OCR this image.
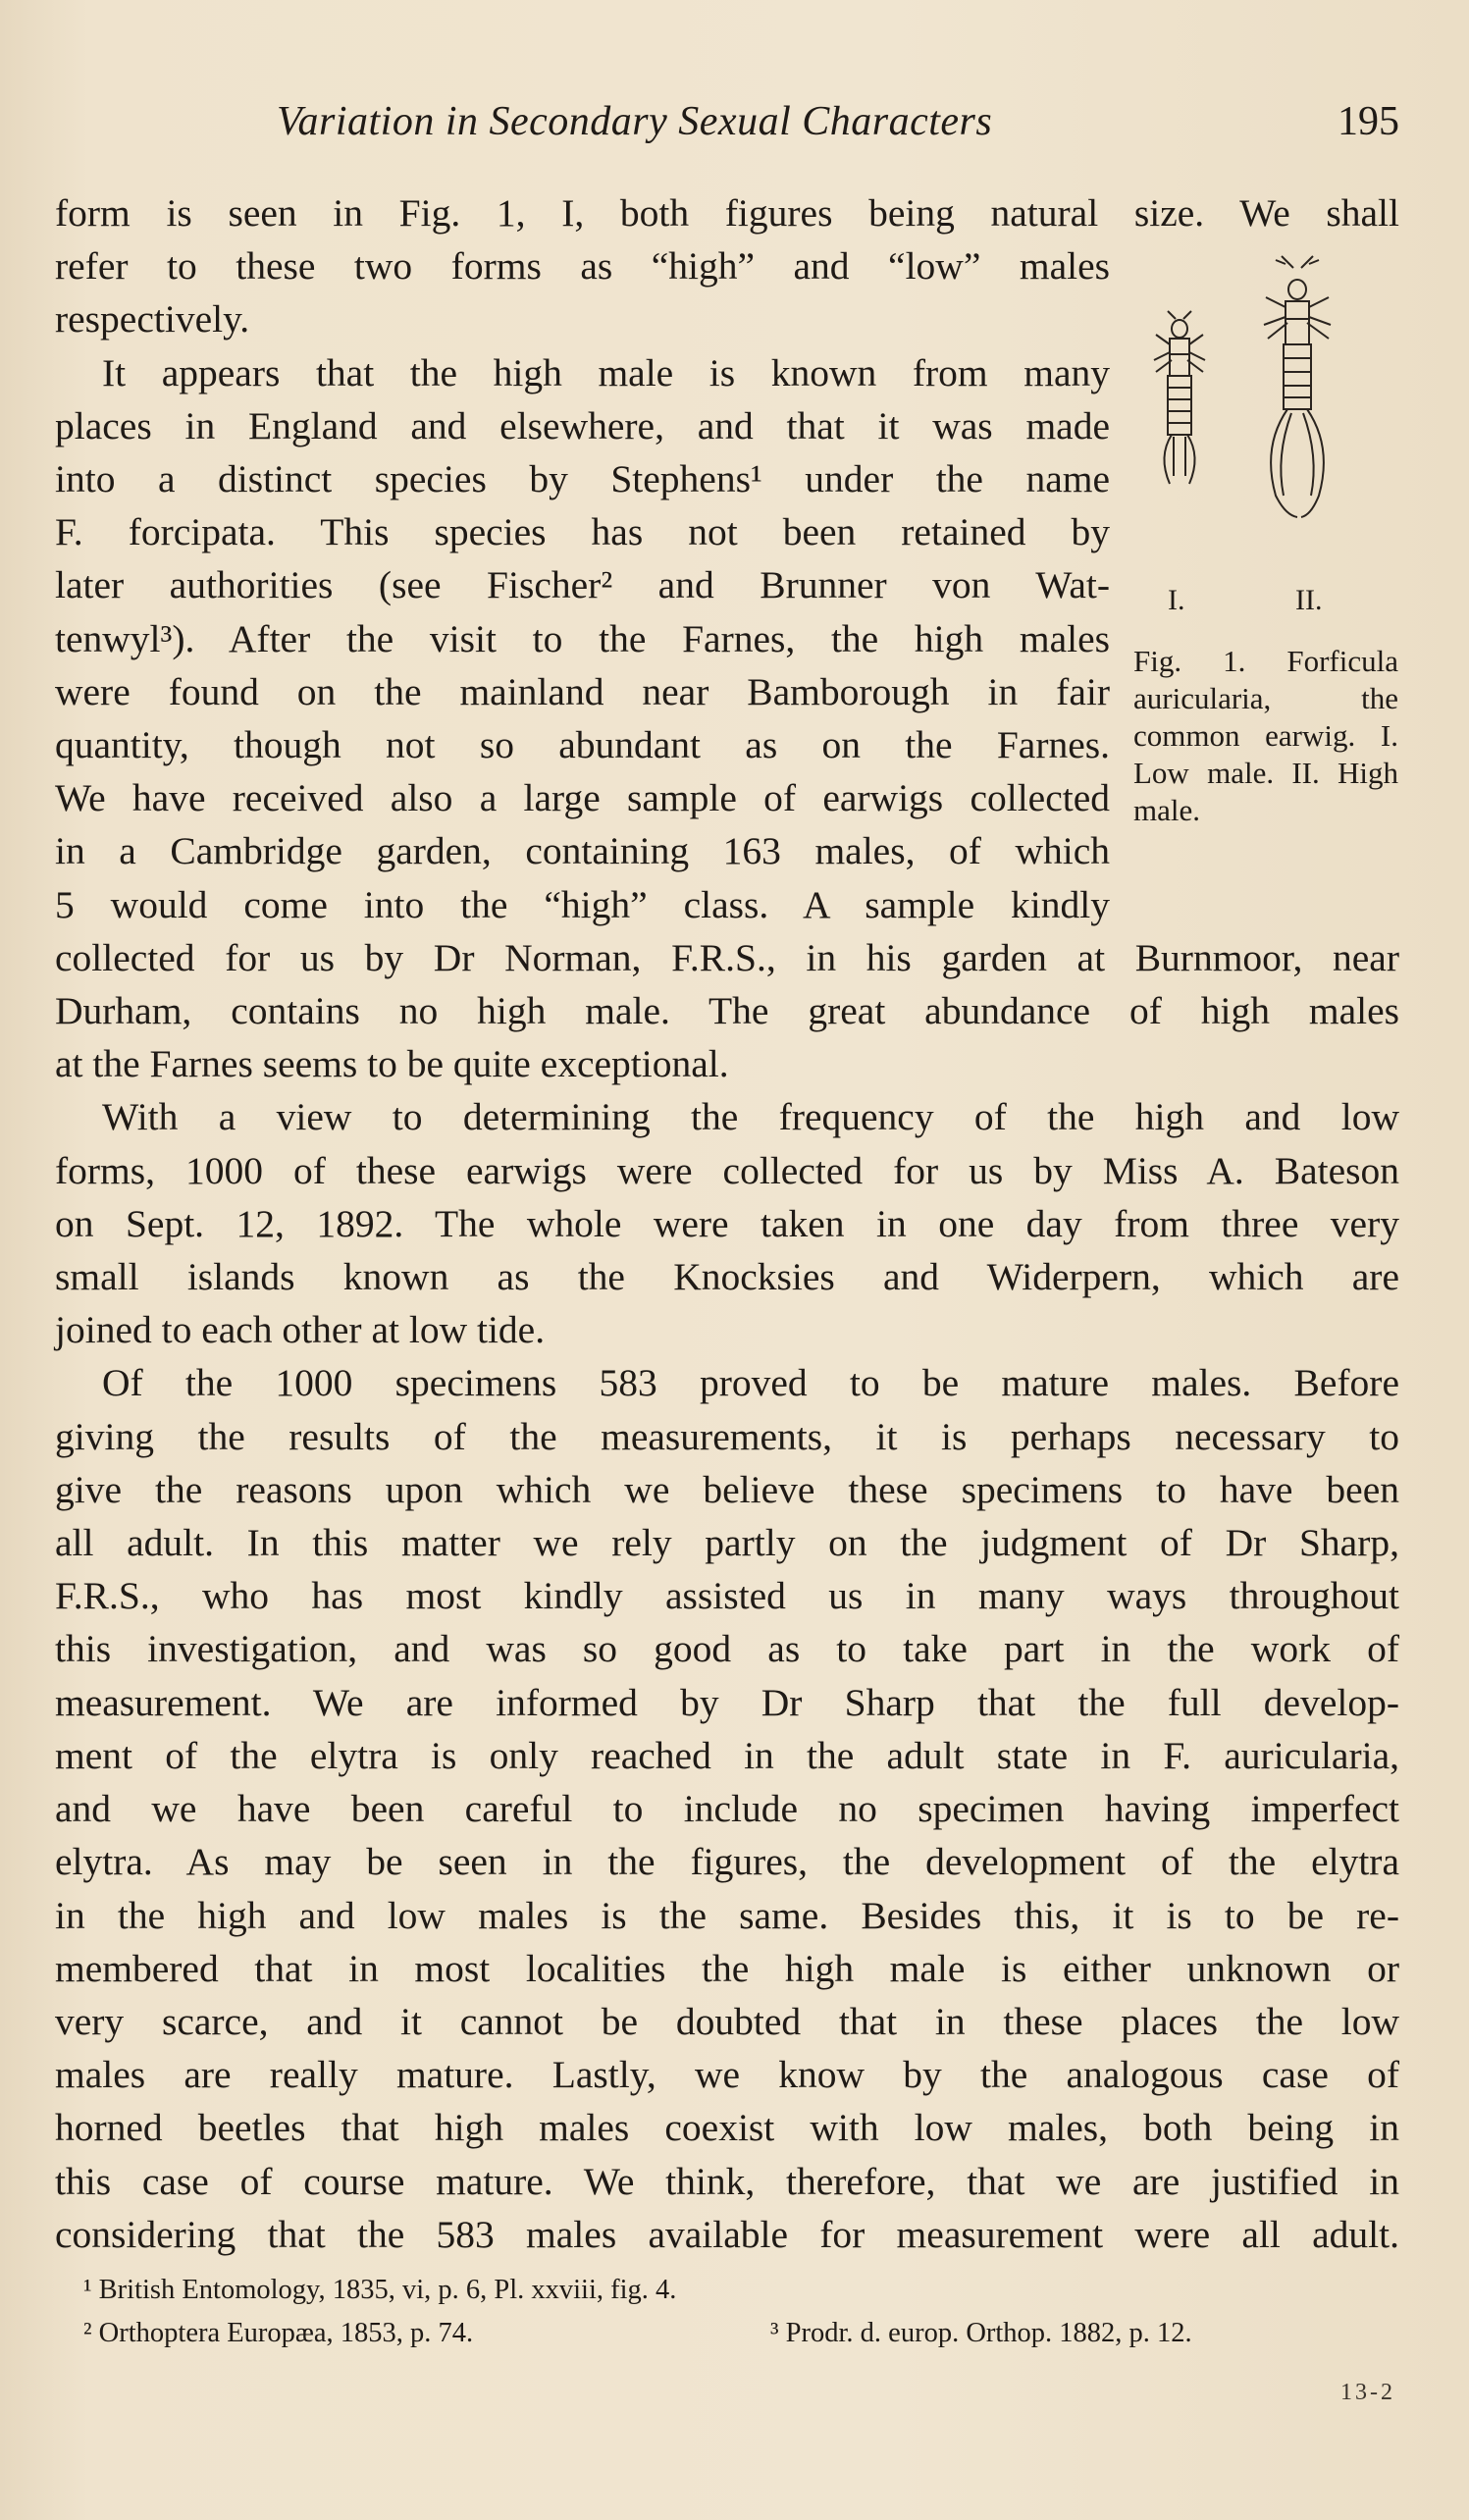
Variation in Secondary Sexual Characters	195
I.	II.
Fig. 1. Forficula auricularia, the common earwig. I. Low male. II. High male.

form is seen in Fig. 1, I, both figures being natural size. We shall

refer to these two forms as “high” and “low” males
respectively.

It appears that the high male is known from many
places in England and elsewhere, and that it was made
into a distinct species by Stephens¹ under the name
F. forcipata. This species has not been retained by
later authorities (see Fischer² and Brunner von Wat-
tenwyl³). After the visit to the Farnes, the high males
were found on the mainland near Bamborough in fair
quantity, though not so abundant as on the Farnes.
We have received also a large sample of earwigs collected
in a Cambridge garden, containing 163 males, of which
5 would come into the “high” class. A sample kindly

collected for us by Dr Norman, F.R.S., in his garden at Burnmoor, near
Durham, contains no high male. The great abundance of high males
at the Farnes seems to be quite exceptional.

With a view to determining the frequency of the high and low
forms, 1000 of these earwigs were collected for us by Miss A. Bateson
on Sept. 12, 1892. The whole were taken in one day from three very
small islands known as the Knocksies and Widerpern, which are
joined to each other at low tide.

Of the 1000 specimens 583 proved to be mature males. Before
giving the results of the measurements, it is perhaps necessary to
give the reasons upon which we believe these specimens to have been
all adult. In this matter we rely partly on the judgment of Dr Sharp,
F.R.S., who has most kindly assisted us in many ways throughout
this investigation, and was so good as to take part in the work of
measurement. We are informed by Dr Sharp that the full develop-
ment of the elytra is only reached in the adult state in F. auricularia,
and we have been careful to include no specimen having imperfect
elytra. As may be seen in the figures, the development of the elytra
in the high and low males is the same. Besides this, it is to be re-
membered that in most localities the high male is either unknown or
very scarce, and it cannot be doubted that in these places the low
males are really mature. Lastly, we know by the analogous case of
horned beetles that high males coexist with low males, both being in
this case of course mature. We think, therefore, that we are justified in
considering that the 583 males available for measurement were all adult.

¹ British Entomology, 1835, vi, p. 6, Pl. xxviii, fig. 4.
² Orthoptera Europæa, 1853, p. 74.	³ Prodr. d. europ. Orthop. 1882, p. 12.
13-2
